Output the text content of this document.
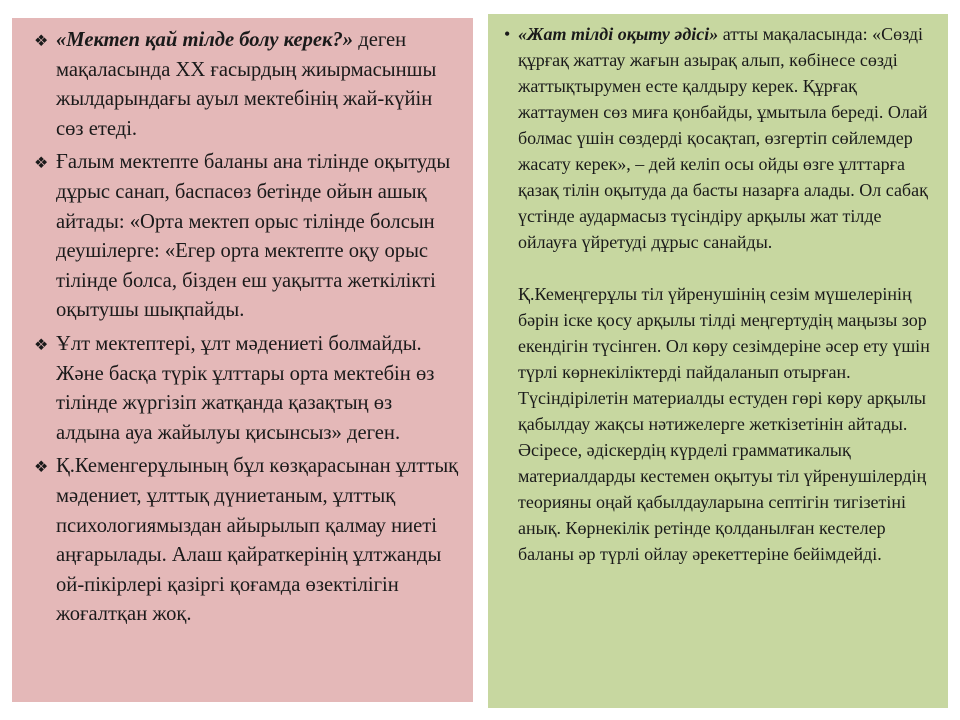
❖ «Мектеп қай тілде болу керек?» деген мақаласында XX ғасырдың жиырмасыншы жылдарындағы ауыл мектебінің жай-күйін сөз етеді.
❖ Ғалым мектепте баланы ана тілінде оқытуды дұрыс санап, баспасөз бетінде ойын ашық айтады: «Орта мектеп орыс тілінде болсын деушілерге: «Егер орта мектепте оқу орыс тілінде болса, бізден еш уақытта жеткілікті оқытушы шықпайды.
❖ Ұлт мектептері, ұлт мәдениеті болмайды. Және басқа түрік ұлттары орта мектебін өз тілінде жүргізіп жатқанда қазақтың өз алдына ауа жайылуы қисынсыз» деген.
❖ Қ.Кеменгерұлының бұл көзқарасынан ұлттық мәдениет, ұлттық дүниетаным, ұлттық психологиямыздан айырылып қалмау ниеті аңғарылады. Алаш қайраткерінің ұлтжанды ой-пікірлері қазіргі қоғамда өзектілігін жоғалтқан жоқ.
• «Жат тілді оқыту әдісі» атты мақаласында: «Сөзді құрғақ жаттау жағын азырақ алып, көбінесе сөзді жаттықтырумен есте қалдыру керек. Құрғақ жаттаумен сөз миға қонбайды, ұмытыла береді. Олай болмас үшін сөздерді қосақтап, өзгертіп сөйлемдер жасату керек», – дей келіп осы ойды өзге ұлттарға қазақ тілін оқытуда да басты назарға алады. Ол сабақ үстінде аудармасыз түсіндіру арқылы жат тілде ойлауға үйретуді дұрыс санайды.
Қ.Кемеңгерұлы тіл үйренушінің сезім мүшелерінің бәрін іске қосу арқылы тілді меңгертудің маңызы зор екендігін түсінген. Ол көру сезімдеріне әсер ету үшін түрлі көрнекіліктерді пайдаланып отырған. Түсіндірілетін материалды естуден гөрі көру арқылы қабылдау жақсы нәтижелерге жеткізетінін айтады. Әсіресе, әдіскердің күрделі грамматикалық материалдарды кестемен оқытуы тіл үйренушілердің теорияны оңай қабылдауларына септігін тигізетіні анық. Көрнекілік ретінде қолданылған кестелер баланы әр түрлі ойлау әрекеттеріне бейімдейді.
